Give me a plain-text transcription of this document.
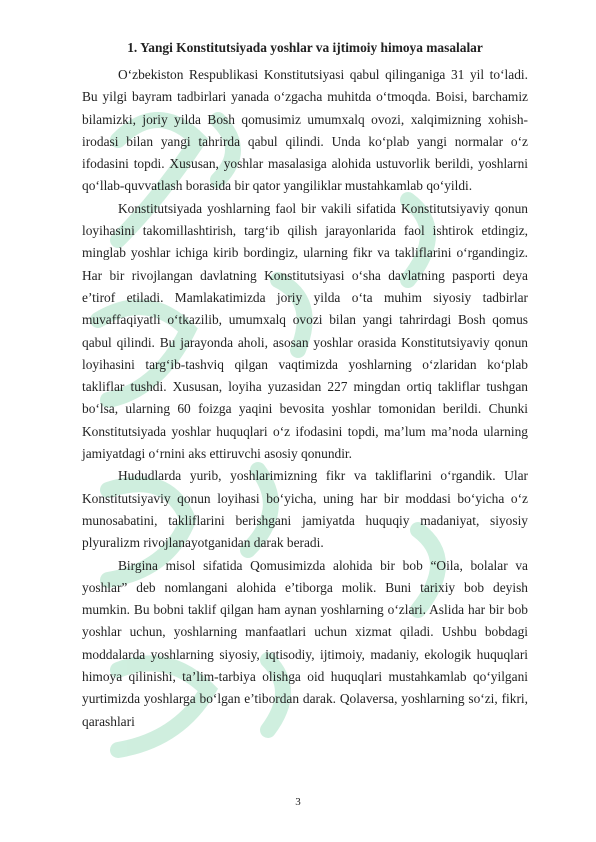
1. Yangi Konstitutsiyada yoshlar va ijtimoiy himoya masalalar

O‘zbekiston Respublikasi Konstitutsiyasi qabul qilinganiga 31 yil to‘ladi. Bu yilgi bayram tadbirlari yanada o‘zgacha muhitda o‘tmoqda. Boisi, barchamiz bilamizki, joriy yilda Bosh qomusimiz umumxalq ovozi, xalqimizning xohish-irodasi bilan yangi tahrirda qabul qilindi. Unda ko‘plab yangi normalar o‘z ifodasini topdi. Xususan, yoshlar masalasiga alohida ustuvorlik berildi, yoshlarni qo‘llab-quvvatlash borasida bir qator yangiliklar mustahkamlab qo‘yildi.

Konstitutsiyada yoshlarning faol bir vakili sifatida Konstitutsiyaviy qonun loyihasini takomillashtirish, targ‘ib qilish jarayonlarida faol ishtirok etdingiz, minglab yoshlar ichiga kirib bordingiz, ularning fikr va takliflarini o‘rgandingiz. Har bir rivojlangan davlatning Konstitutsiyasi o‘sha davlatning pasporti deya e’tirof etiladi. Mamlakatimizda joriy yilda o‘ta muhim siyosiy tadbirlar muvaffaqiyatli o‘tkazilib, umumxalq ovozi bilan yangi tahrirdagi Bosh qomus qabul qilindi. Bu jarayonda aholi, asosan yoshlar orasida Konstitutsiyaviy qonun loyihasini targ‘ib-tashviq qilgan vaqtimizda yoshlarning o‘zlaridan ko‘plab takliflar tushdi. Xususan, loyiha yuzasidan 227 mingdan ortiq takliflar tushgan bo‘lsa, ularning 60 foizga yaqini bevosita yoshlar tomonidan berildi. Chunki Konstitutsiyada yoshlar huquqlari o‘z ifodasini topdi, ma’lum ma’noda ularning jamiyatdagi o‘rnini aks ettiruvchi asosiy qonundir.

Hududlarda yurib, yoshlarimizning fikr va takliflarini o‘rgandik. Ular Konstitutsiyaviy qonun loyihasi bo‘yicha, uning har bir moddasi bo‘yicha o‘z munosabatini, takliflarini berishgani jamiyatda huquqiy madaniyat, siyosiy plyuralizm rivojlanayotganidan darak beradi.

Birgina misol sifatida Qomusimizda alohida bir bob “Oila, bolalar va yoshlar” deb nomlangani alohida e’tiborga molik. Buni tarixiy bob deyish mumkin. Bu bobni taklif qilgan ham aynan yoshlarning o‘zlari. Aslida har bir bob yoshlar uchun, yoshlarning manfaatlari uchun xizmat qiladi. Ushbu bobdagi moddalarda yoshlarning siyosiy, iqtisodiy, ijtimoiy, madaniy, ekologik huquqlari himoya qilinishi, ta’lim-tarbiya olishga oid huquqlari mustahkamlab qo‘yilgani yurtimizda yoshlarga bo‘lgan e’tibordan darak. Qolaversa, yoshlarning so‘zi, fikri, qarashlari

3
